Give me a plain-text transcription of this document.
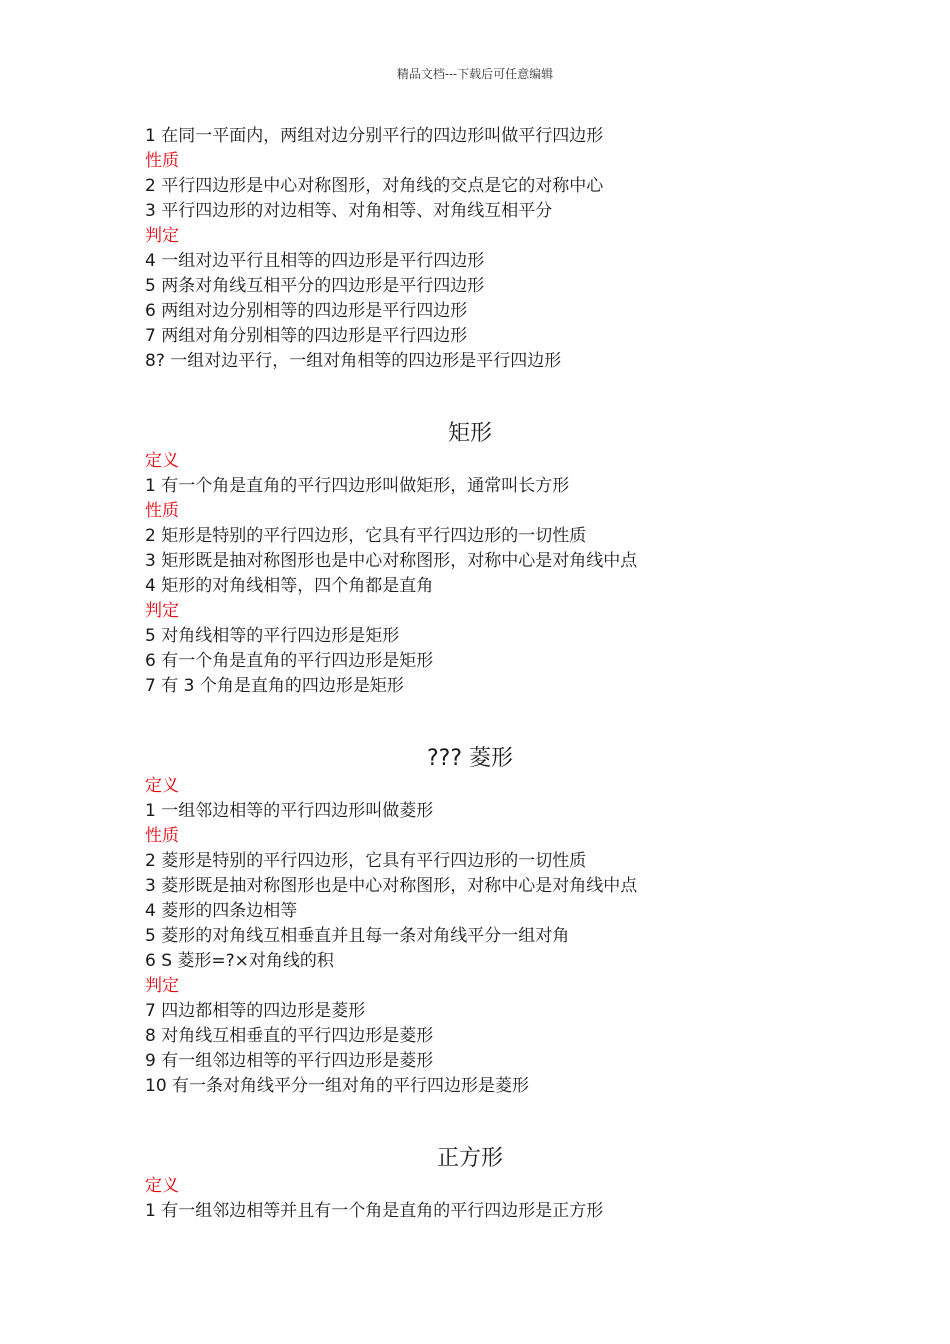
精品文档---下载后可任意编辑
1 在同一平面内，两组对边分别平行的四边形叫做平行四边形
性质
2 平行四边形是中心对称图形，对角线的交点是它的对称中心
3 平行四边形的对边相等、对角相等、对角线互相平分
判定
4 一组对边平行且相等的四边形是平行四边形
5 两条对角线互相平分的四边形是平行四边形
6 两组对边分别相等的四边形是平行四边形
7 两组对角分别相等的四边形是平行四边形
8? 一组对边平行，一组对角相等的四边形是平行四边形
矩形
定义
1 有一个角是直角的平行四边形叫做矩形，通常叫长方形
性质
2 矩形是特别的平行四边形，它具有平行四边形的一切性质
3 矩形既是抽对称图形也是中心对称图形，对称中心是对角线中点
4 矩形的对角线相等，四个角都是直角
判定
5 对角线相等的平行四边形是矩形
6 有一个角是直角的平行四边形是矩形
7 有 3 个角是直角的四边形是矩形
??? 菱形
定义
1 一组邻边相等的平行四边形叫做菱形
性质
2 菱形是特别的平行四边形，它具有平行四边形的一切性质
3 菱形既是抽对称图形也是中心对称图形，对称中心是对角线中点
4 菱形的四条边相等
5 菱形的对角线互相垂直并且每一条对角线平分一组对角
6 S 菱形=?×对角线的积
判定
7 四边都相等的四边形是菱形
8 对角线互相垂直的平行四边形是菱形
9 有一组邻边相等的平行四边形是菱形
10 有一条对角线平分一组对角的平行四边形是菱形
正方形
定义
1 有一组邻边相等并且有一个角是直角的平行四边形是正方形
